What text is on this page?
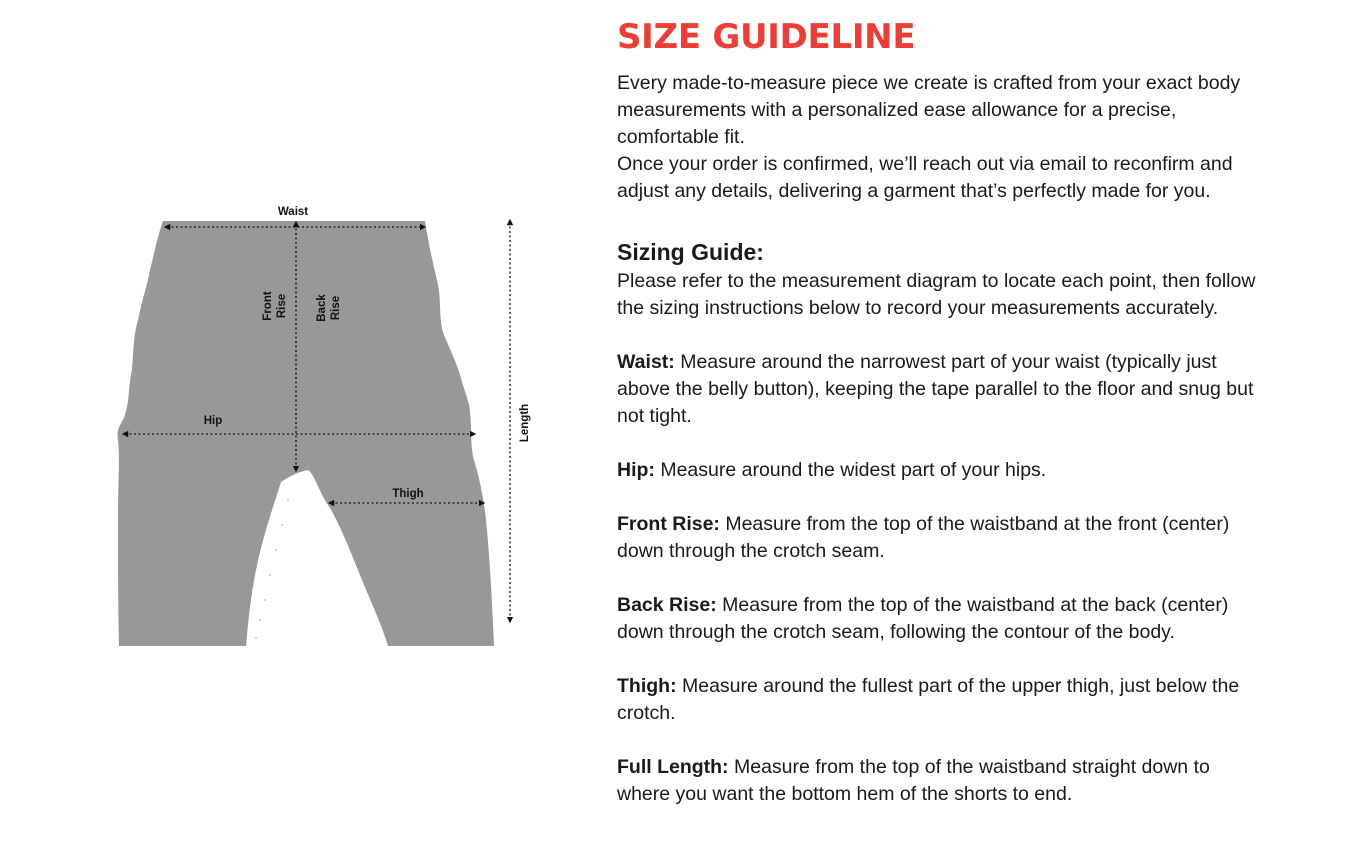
Waist
Front Rise Back Rise
Hip
Thigh
Length
SIZE GUIDELINE

Every made-to-measure piece we create is crafted from your exact body measurements with a personalized ease allowance for a precise, comfortable fit.

Once your order is confirmed, we’ll reach out via email to reconfirm and adjust any details, delivering a garment that’s perfectly made for you.

Sizing Guide:

Please refer to the measurement diagram to locate each point, then follow the sizing instructions below to record your measurements accurately.

Waist: Measure around the narrowest part of your waist (typically just above the belly button), keeping the tape parallel to the floor and snug but not tight.

Hip: Measure around the widest part of your hips.

Front Rise: Measure from the top of the waistband at the front (center) down through the crotch seam.

Back Rise: Measure from the top of the waistband at the back (center) down through the crotch seam, following the contour of the body.

Thigh: Measure around the fullest part of the upper thigh, just below the crotch.

Full Length: Measure from the top of the waistband straight down to where you want the bottom hem of the shorts to end.
